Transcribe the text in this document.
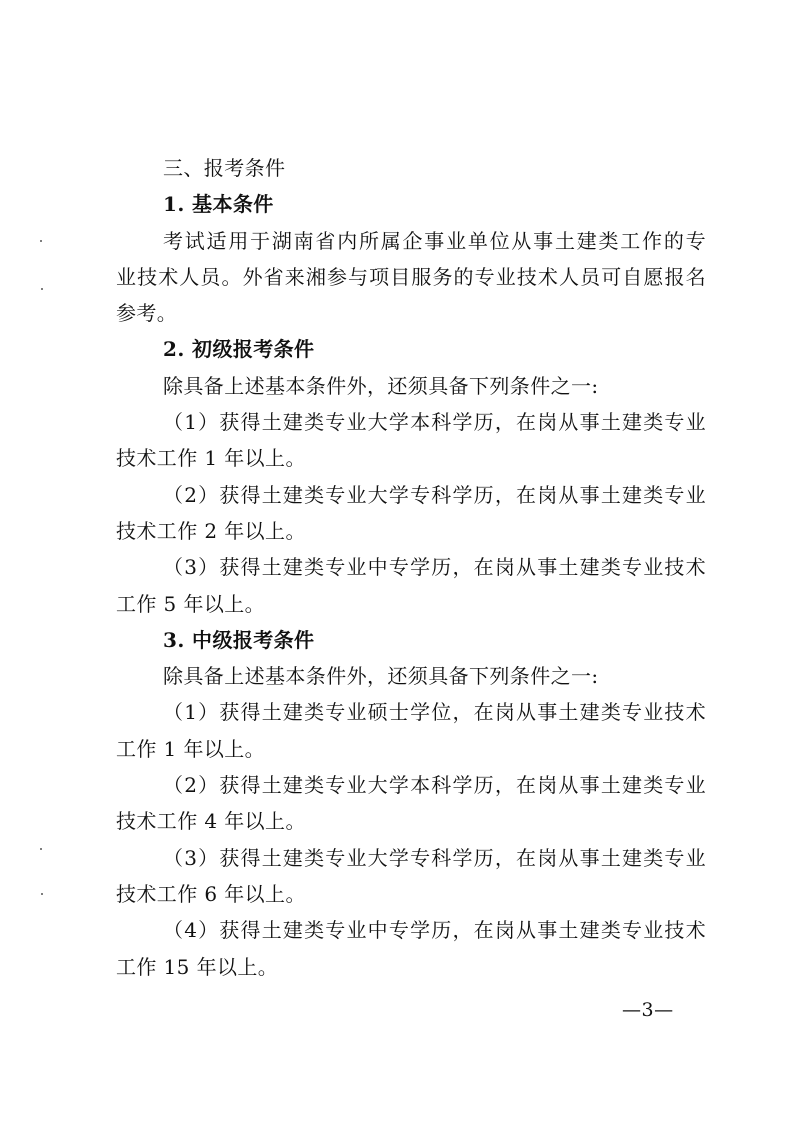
三、报考条件
1. 基本条件
考试适用于湖南省内所属企事业单位从事土建类工作的专
业技术人员。外省来湘参与项目服务的专业技术人员可自愿报名
参考。
2. 初级报考条件
除具备上述基本条件外，还须具备下列条件之一:
（1）获得土建类专业大学本科学历，在岗从事土建类专业
技术工作 1 年以上。
（2）获得土建类专业大学专科学历，在岗从事土建类专业
技术工作 2 年以上。
（3）获得土建类专业中专学历，在岗从事土建类专业技术
工作 5 年以上。
3. 中级报考条件
除具备上述基本条件外，还须具备下列条件之一:
（1）获得土建类专业硕士学位，在岗从事土建类专业技术
工作 1 年以上。
（2）获得土建类专业大学本科学历，在岗从事土建类专业
技术工作 4 年以上。
（3）获得土建类专业大学专科学历，在岗从事土建类专业
技术工作 6 年以上。
（4）获得土建类专业中专学历，在岗从事土建类专业技术
工作 15 年以上。
—3—
